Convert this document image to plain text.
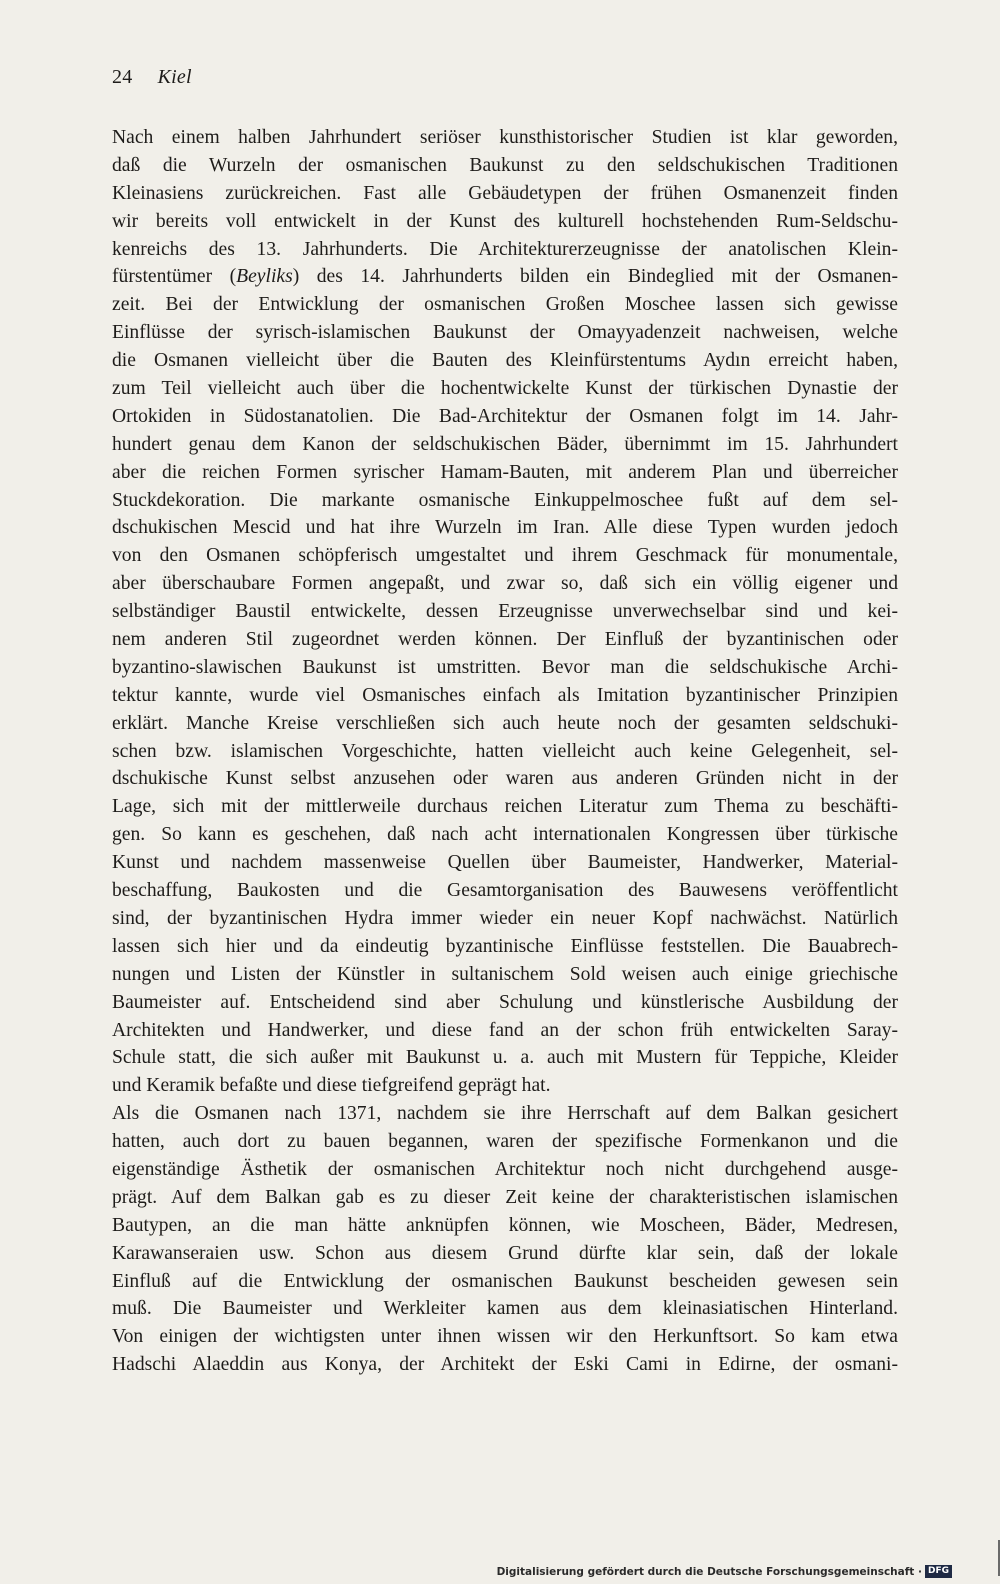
24 Kiel
Nach einem halben Jahrhundert seriöser kunsthistorischer Studien ist klar geworden,
daß die Wurzeln der osmanischen Baukunst zu den seldschukischen Traditionen
Kleinasiens zurückreichen. Fast alle Gebäudetypen der frühen Osmanenzeit finden
wir bereits voll entwickelt in der Kunst des kulturell hochstehenden Rum-Seldschu-
kenreichs des 13. Jahrhunderts. Die Architekturerzeugnisse der anatolischen Klein-
fürstentümer (Beyliks) des 14. Jahrhunderts bilden ein Bindeglied mit der Osmanen-
zeit. Bei der Entwicklung der osmanischen Großen Moschee lassen sich gewisse
Einflüsse der syrisch-islamischen Baukunst der Omayyadenzeit nachweisen, welche
die Osmanen vielleicht über die Bauten des Kleinfürstentums Aydın erreicht haben,
zum Teil vielleicht auch über die hochentwickelte Kunst der türkischen Dynastie der
Ortokiden in Südostanatolien. Die Bad-Architektur der Osmanen folgt im 14. Jahr-
hundert genau dem Kanon der seldschukischen Bäder, übernimmt im 15. Jahrhundert
aber die reichen Formen syrischer Hamam-Bauten, mit anderem Plan und überreicher
Stuckdekoration. Die markante osmanische Einkuppelmoschee fußt auf dem sel-
dschukischen Mescid und hat ihre Wurzeln im Iran. Alle diese Typen wurden jedoch
von den Osmanen schöpferisch umgestaltet und ihrem Geschmack für monumentale,
aber überschaubare Formen angepaßt, und zwar so, daß sich ein völlig eigener und
selbständiger Baustil entwickelte, dessen Erzeugnisse unverwechselbar sind und kei-
nem anderen Stil zugeordnet werden können. Der Einfluß der byzantinischen oder
byzantino-slawischen Baukunst ist umstritten. Bevor man die seldschukische Archi-
tektur kannte, wurde viel Osmanisches einfach als Imitation byzantinischer Prinzipien
erklärt. Manche Kreise verschließen sich auch heute noch der gesamten seldschuki-
schen bzw. islamischen Vorgeschichte, hatten vielleicht auch keine Gelegenheit, sel-
dschukische Kunst selbst anzusehen oder waren aus anderen Gründen nicht in der
Lage, sich mit der mittlerweile durchaus reichen Literatur zum Thema zu beschäfti-
gen. So kann es geschehen, daß nach acht internationalen Kongressen über türkische
Kunst und nachdem massenweise Quellen über Baumeister, Handwerker, Material-
beschaffung, Baukosten und die Gesamtorganisation des Bauwesens veröffentlicht
sind, der byzantinischen Hydra immer wieder ein neuer Kopf nachwächst. Natürlich
lassen sich hier und da eindeutig byzantinische Einflüsse feststellen. Die Bauabrech-
nungen und Listen der Künstler in sultanischem Sold weisen auch einige griechische
Baumeister auf. Entscheidend sind aber Schulung und künstlerische Ausbildung der
Architekten und Handwerker, und diese fand an der schon früh entwickelten Saray-
Schule statt, die sich außer mit Baukunst u. a. auch mit Mustern für Teppiche, Kleider
und Keramik befaßte und diese tiefgreifend geprägt hat.
Als die Osmanen nach 1371, nachdem sie ihre Herrschaft auf dem Balkan gesichert
hatten, auch dort zu bauen begannen, waren der spezifische Formenkanon und die
eigenständige Ästhetik der osmanischen Architektur noch nicht durchgehend ausge-
prägt. Auf dem Balkan gab es zu dieser Zeit keine der charakteristischen islamischen
Bautypen, an die man hätte anknüpfen können, wie Moscheen, Bäder, Medresen,
Karawanseraien usw. Schon aus diesem Grund dürfte klar sein, daß der lokale
Einfluß auf die Entwicklung der osmanischen Baukunst bescheiden gewesen sein
muß. Die Baumeister und Werkleiter kamen aus dem kleinasiatischen Hinterland.
Von einigen der wichtigsten unter ihnen wissen wir den Herkunftsort. So kam etwa
Hadschi Alaeddin aus Konya, der Architekt der Eski Cami in Edirne, der osmani-
Digitalisierung gefördert durch die Deutsche Forschungsgemeinschaft · DFG
